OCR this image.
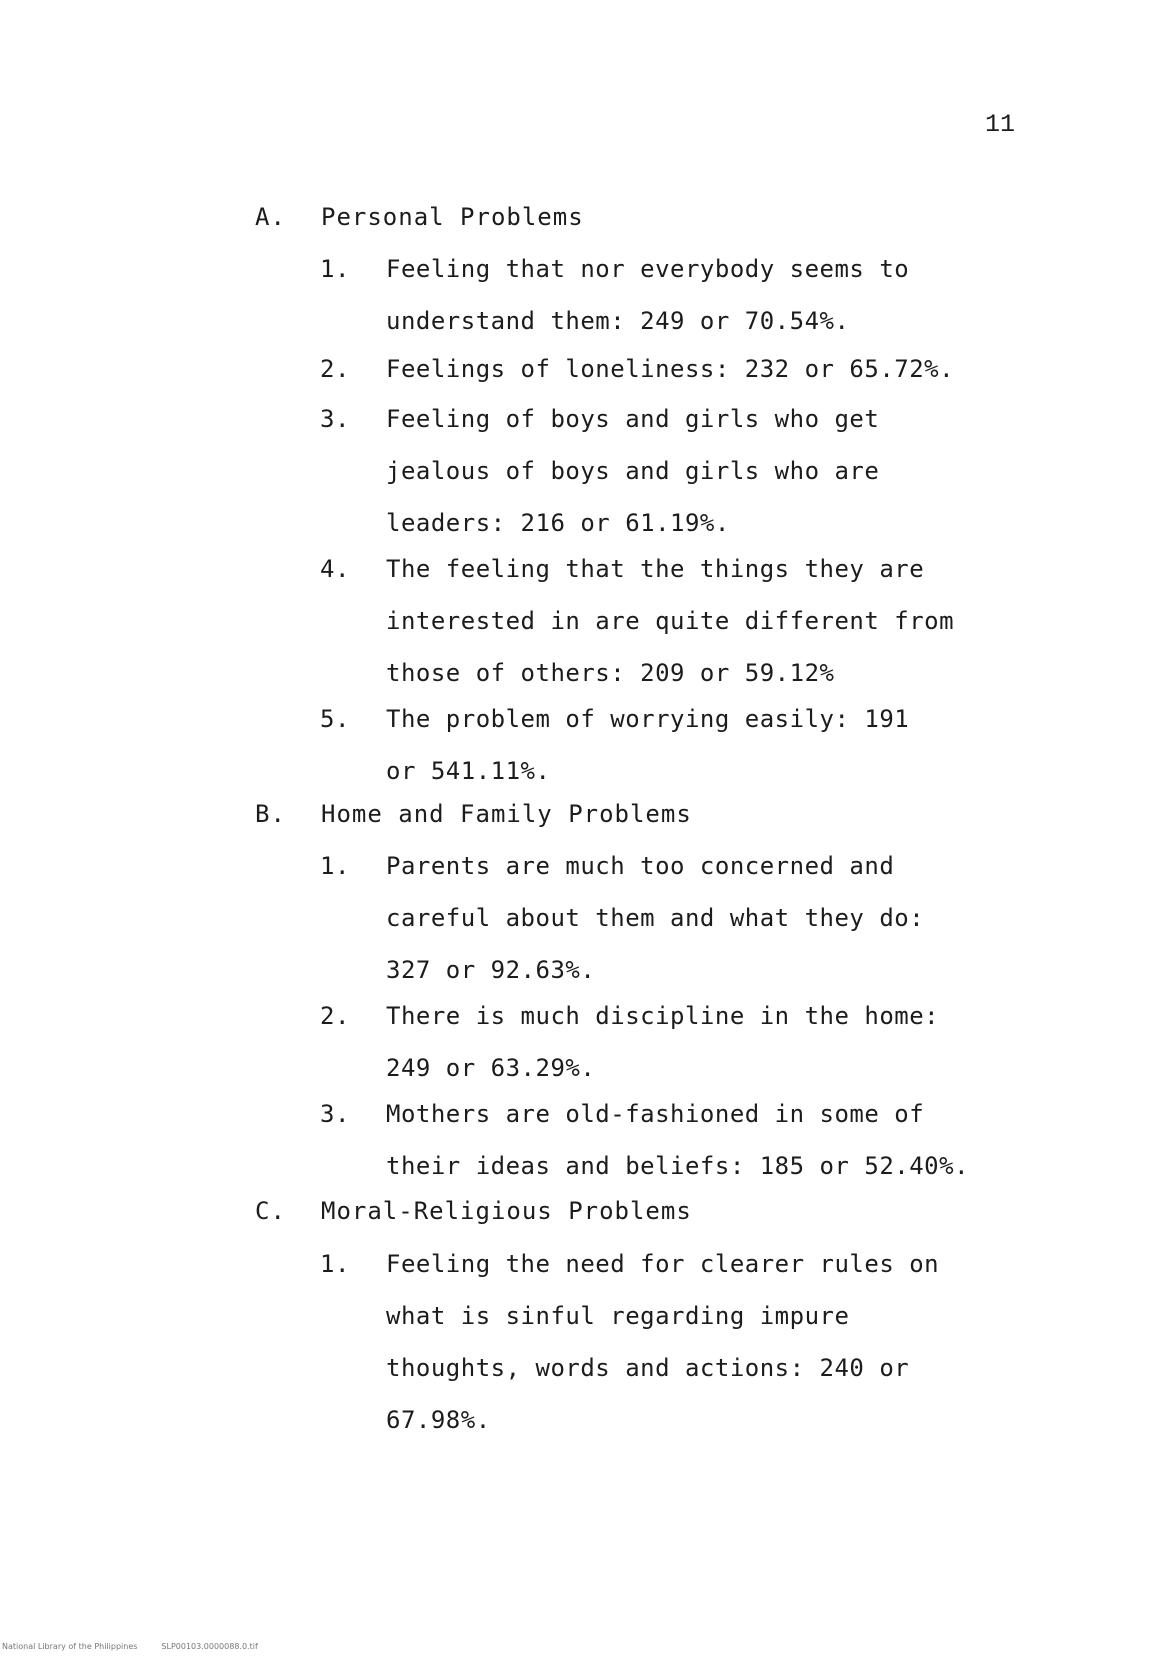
11
A. Personal Problems
1.	Feeling that nor everybody seems to
understand them: 249 or 70.54%.
2.	Feelings of loneliness: 232 or 65.72%.
3.	Feeling of boys and girls who get
jealous of boys and girls who are
leaders: 216 or 61.19%.
4.	The feeling that the things they are
interested in are quite different from
those of others: 209 or 59.12%
5.	The problem of worrying easily: 191
or 541.11%.
B. Home and Family Problems
1.	Parents are much too concerned and
careful about them and what they do:
327 or 92.63%.
2.	There is much discipline in the home:
249 or 63.29%.
3.	Mothers are old-fashioned in some of
their ideas and beliefs: 185 or 52.40%.
C. Moral-Religious Problems
1.	Feeling the need for clearer rules on
what is sinful regarding impure
thoughts, words and actions: 240 or
67.98%.
National Library of the Philippines	SLP00103.0000088.0.tif
